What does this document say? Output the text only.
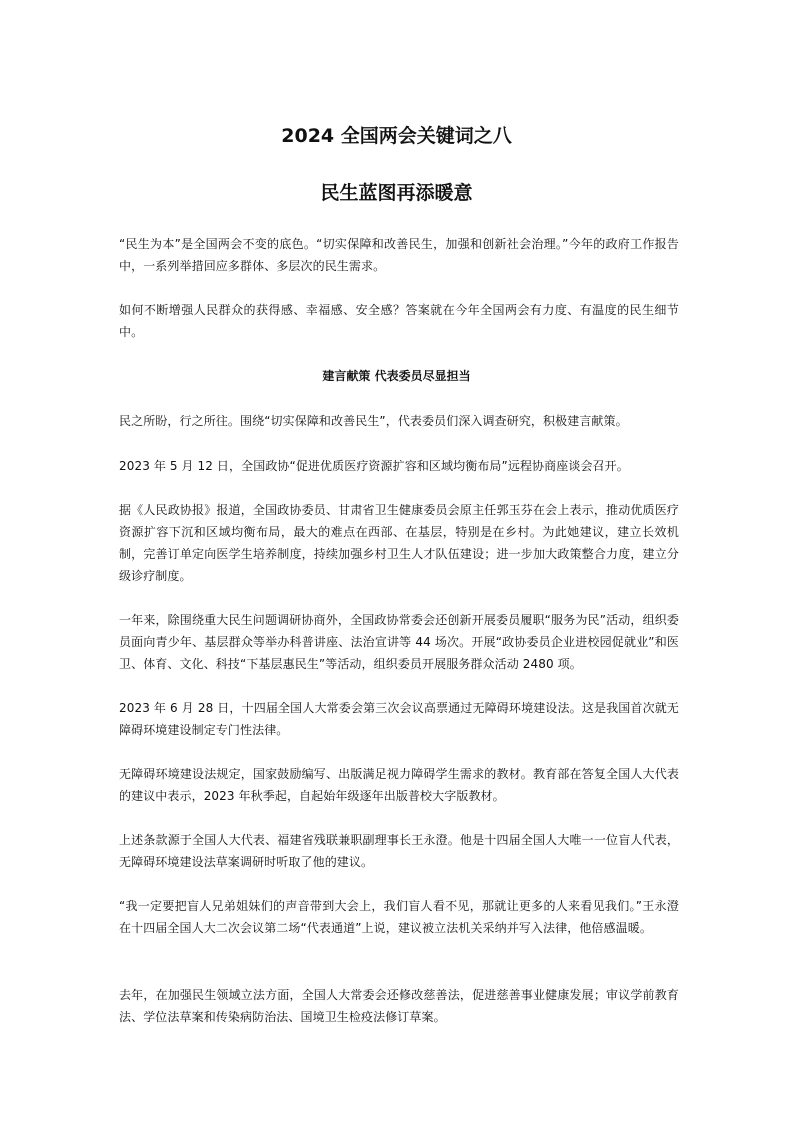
2024 全国两会关键词之八
民生蓝图再添暖意

“民生为本”是全国两会不变的底色。“切实保障和改善民生，加强和创新社会治理。”今年的政府工作报告中，一系列举措回应多群体、多层次的民生需求。

如何不断增强人民群众的获得感、幸福感、安全感？答案就在今年全国两会有力度、有温度的民生细节中。

建言献策 代表委员尽显担当

民之所盼，行之所往。围绕“切实保障和改善民生”，代表委员们深入调查研究，积极建言献策。

2023 年 5 月 12 日，全国政协“促进优质医疗资源扩容和区域均衡布局”远程协商座谈会召开。

据《人民政协报》报道，全国政协委员、甘肃省卫生健康委员会原主任郭玉芬在会上表示，推动优质医疗资源扩容下沉和区域均衡布局，最大的难点在西部、在基层，特别是在乡村。为此她建议，建立长效机制，完善订单定向医学生培养制度，持续加强乡村卫生人才队伍建设；进一步加大政策整合力度，建立分级诊疗制度。

一年来，除围绕重大民生问题调研协商外，全国政协常委会还创新开展委员履职“服务为民”活动，组织委员面向青少年、基层群众等举办科普讲座、法治宣讲等 44 场次。开展“政协委员企业进校园促就业”和医卫、体育、文化、科技“下基层惠民生”等活动，组织委员开展服务群众活动 2480 项。

2023 年 6 月 28 日，十四届全国人大常委会第三次会议高票通过无障碍环境建设法。这是我国首次就无障碍环境建设制定专门性法律。

无障碍环境建设法规定，国家鼓励编写、出版满足视力障碍学生需求的教材。教育部在答复全国人大代表的建议中表示，2023 年秋季起，自起始年级逐年出版普校大字版教材。

上述条款源于全国人大代表、福建省残联兼职副理事长王永澄。他是十四届全国人大唯一一位盲人代表，无障碍环境建设法草案调研时听取了他的建议。

“我一定要把盲人兄弟姐妹们的声音带到大会上，我们盲人看不见，那就让更多的人来看见我们。”王永澄在十四届全国人大二次会议第二场“代表通道”上说，建议被立法机关采纳并写入法律，他倍感温暖。

去年，在加强民生领域立法方面，全国人大常委会还修改慈善法，促进慈善事业健康发展；审议学前教育法、学位法草案和传染病防治法、国境卫生检疫法修订草案。
